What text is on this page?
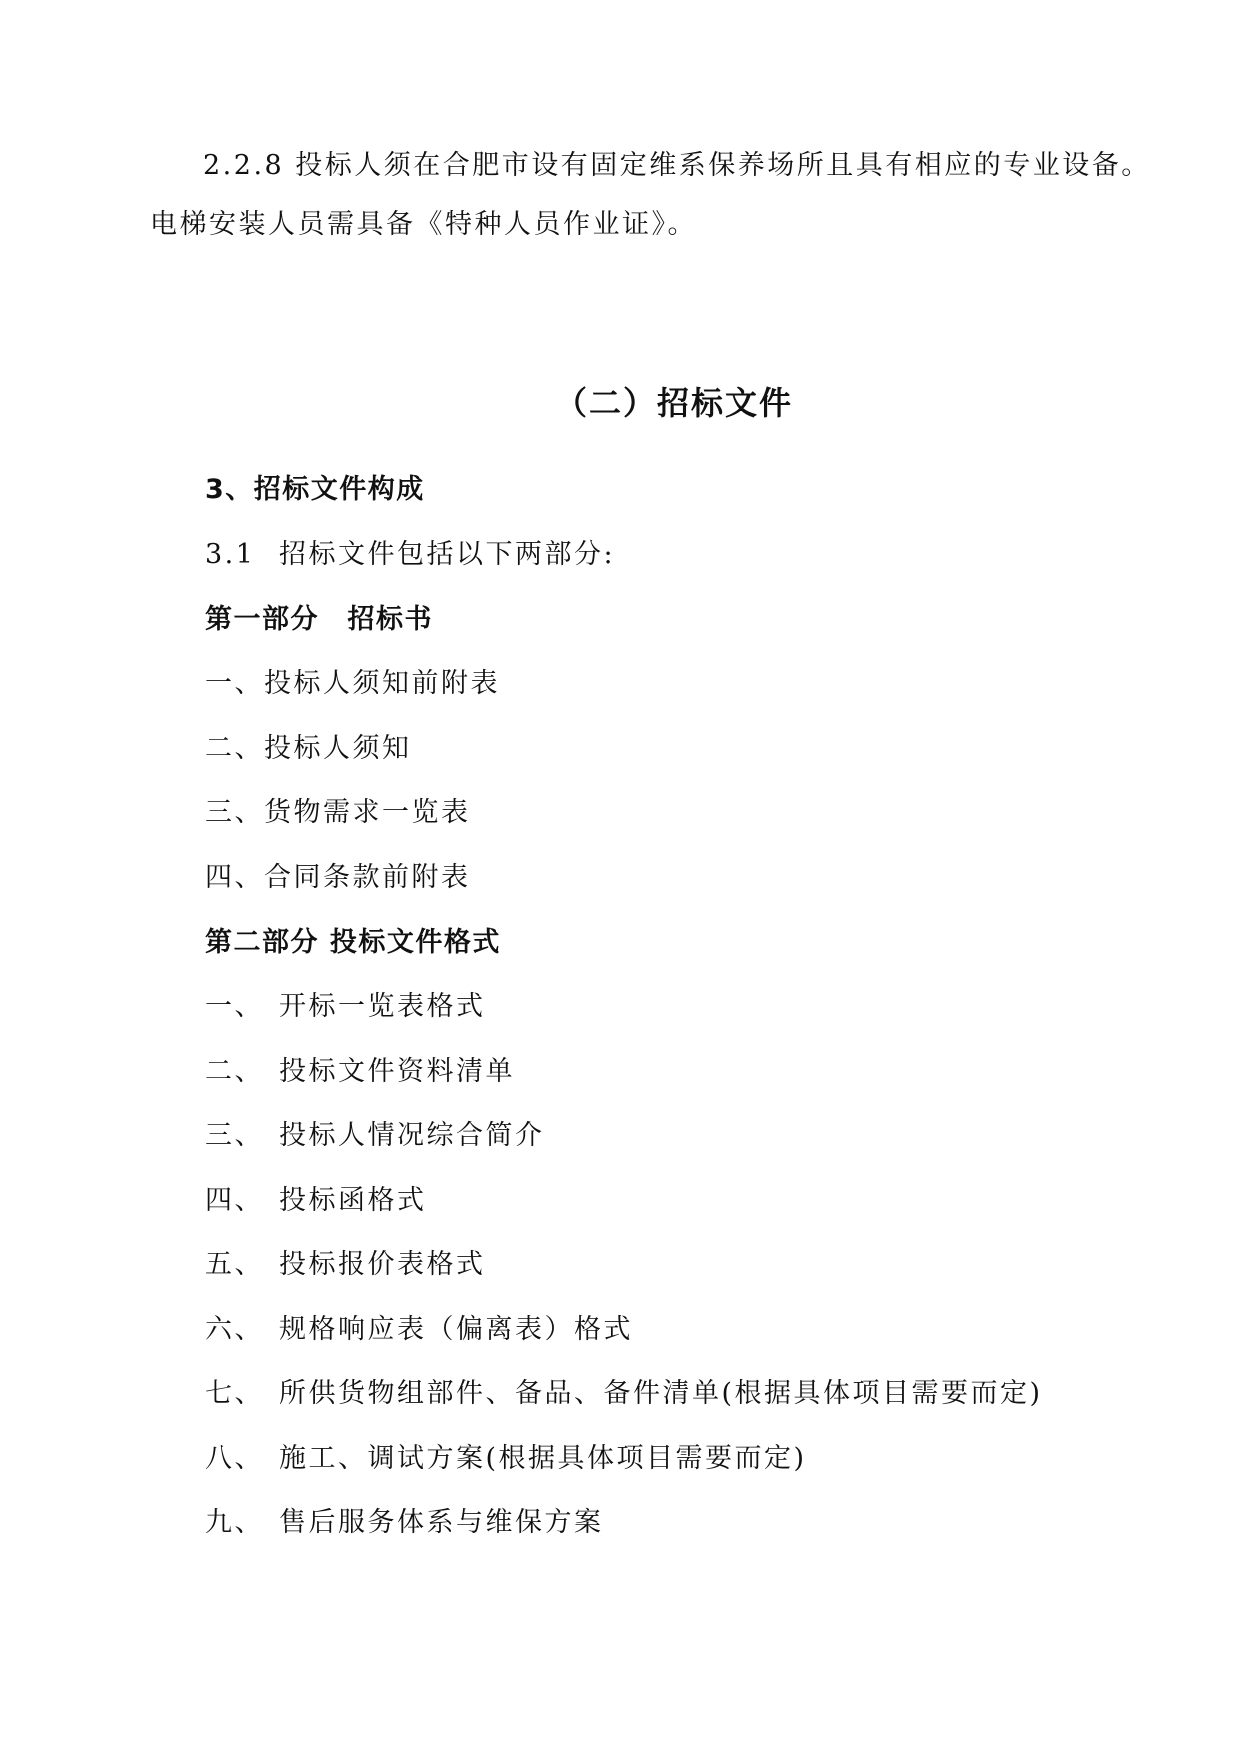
2.2.8 投标人须在合肥市设有固定维系保养场所且具有相应的专业设备。
电梯安装人员需具备《特种人员作业证》。
（二）招标文件
3、招标文件构成
3.1 招标文件包括以下两部分:
第一部分　招标书
一、投标人须知前附表
二、投标人须知
三、货物需求一览表
四、合同条款前附表
第二部分 投标文件格式
一、 开标一览表格式
二、 投标文件资料清单
三、 投标人情况综合简介
四、 投标函格式
五、 投标报价表格式
六、 规格响应表（偏离表）格式
七、 所供货物组部件、备品、备件清单(根据具体项目需要而定)
八、 施工、调试方案(根据具体项目需要而定)
九、 售后服务体系与维保方案
